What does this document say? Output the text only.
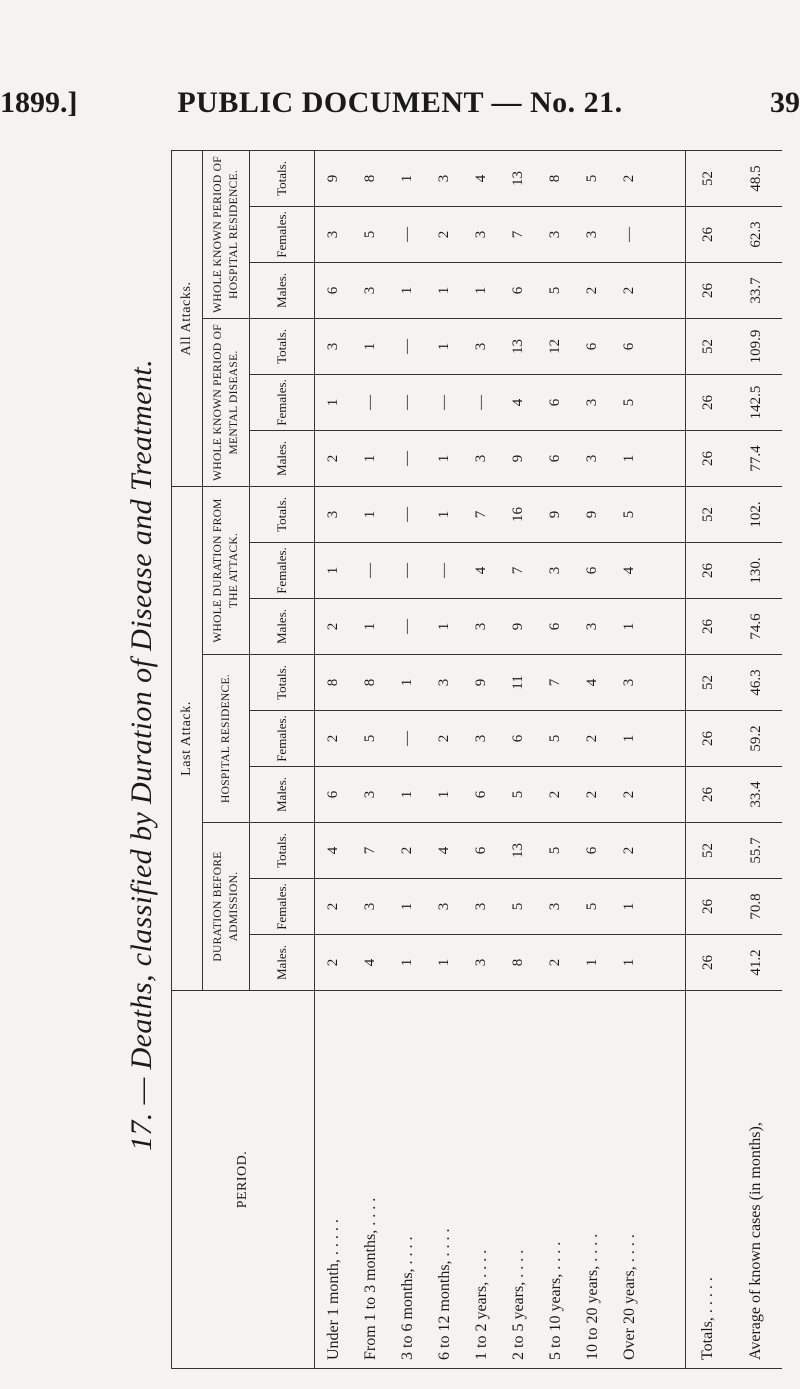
1899.]	PUBLIC DOCUMENT — No. 21.	39
17. — Deaths, classified by Duration of Disease and Treatment.
PERIOD.	Last Attack.									All Attacks.					
	DURATION BEFORE ADMISSION.			HOSPITAL RESIDENCE.			WHOLE DURATION FROM THE ATTACK.			WHOLE KNOWN PERIOD OF MENTAL DISEASE.			WHOLE KNOWN PERIOD OF HOSPITAL RESIDENCE.		
	Males.	Females.	Totals.	Males.	Females.	Totals.	Males.	Females.	Totals.	Males.	Females.	Totals.	Males.	Females.	Totals.
Under 1 month, . . . . .	2	2	4	6	2	8	2	1	3	2	1	3	6	3	9
From 1 to 3 months, . . . .	4	3	7	3	5	8	1	—	1	1	—	1	3	5	8
3 to 6 months, . . . .	1	1	2	1	—	1	—	—	—	—	—	—	1	—	1
6 to 12 months, . . . .	1	3	4	1	2	3	1	—	1	1	—	1	1	2	3
1 to 2 years, . . . .	3	3	6	6	3	9	3	4	7	3	—	3	1	3	4
2 to 5 years, . . . .	8	5	13	5	6	11	9	7	16	9	4	13	6	7	13
5 to 10 years, . . . .	2	3	5	2	5	7	6	3	9	6	6	12	5	3	8
10 to 20 years, . . . .	1	5	6	2	2	4	3	6	9	3	3	6	2	3	5
Over 20 years, . . . .	1	1	2	2	1	3	1	4	5	1	5	6	2	—	2

Totals, . . . . .	26	26	52	26	26	52	26	26	52	26	26	52	26	26	52
Average of known cases (in months),	41.2	70.8	55.7	33.4	59.2	46.3	74.6	130.	102.	77.4	142.5	109.9	33.7	62.3	48.5
